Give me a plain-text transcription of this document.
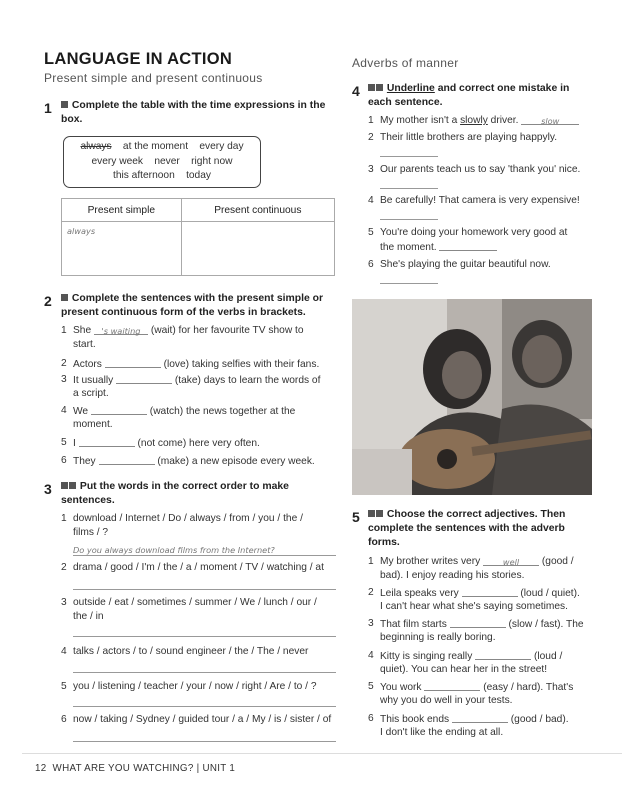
LANGUAGE IN ACTION
Present simple and present continuous
Adverbs of manner
1	Complete the table with the time expressions in the box.
always at the moment every day
every week never right now
this afternoon today
Present simple	Present continuous
$_{always}$	
2	Complete the sentences with the present simple or
present continuous form of the verbs in brackets.
1 She 's waiting (wait) for her favourite TV show to
start.
2 Actors	(love) taking selfies with their fans.
3 It usually	(take) days to learn the words of
a script.
4 We	(watch) the news together at the
moment.
5 I	(not come) here very often.
6 They	(make) a new episode every week.
3	Put the words in the correct order to make
sentences.
1 download / Internet / Do / always / from / you / the /
films / ?
Do you always download films from the Internet?
2 drama / good / I'm / the / a / moment / TV / watching / at
3 outside / eat / sometimes / summer / We / lunch / our /
the / in
4 talks / actors / to / sound engineer / the / The / never
5 you / listening / teacher / your / now / right / Are / to / ?
6 now / taking / Sydney / guided tour / a / My / is / sister / of
4	Underline and correct one mistake in
each sentence.
1 My mother isn't a slowly driver.	slow
2 Their little brothers are playing happyly.
3 Our parents teach us to say 'thank you' nice.
4 Be carefully! That camera is very expensive!
5 You're doing your homework very good at
the moment.
6 She's playing the guitar beautiful now.
5	Choose the correct adjectives. Then
complete the sentences with the adverb
forms.
1 My brother writes very	well (good /
bad). I enjoy reading his stories.
2 Leila speaks very	(loud / quiet).
I can't hear what she's saying sometimes.
3 That film starts	(slow / fast). The
beginning is really boring.
4 Kitty is singing really	(loud /
quiet). You can hear her in the street!
5 You work	(easy / hard). That's
why you do well in your tests.
6 This book ends	(good / bad).
I don't like the ending at all.
12 WHAT ARE YOU WATCHING? | UNIT 1
